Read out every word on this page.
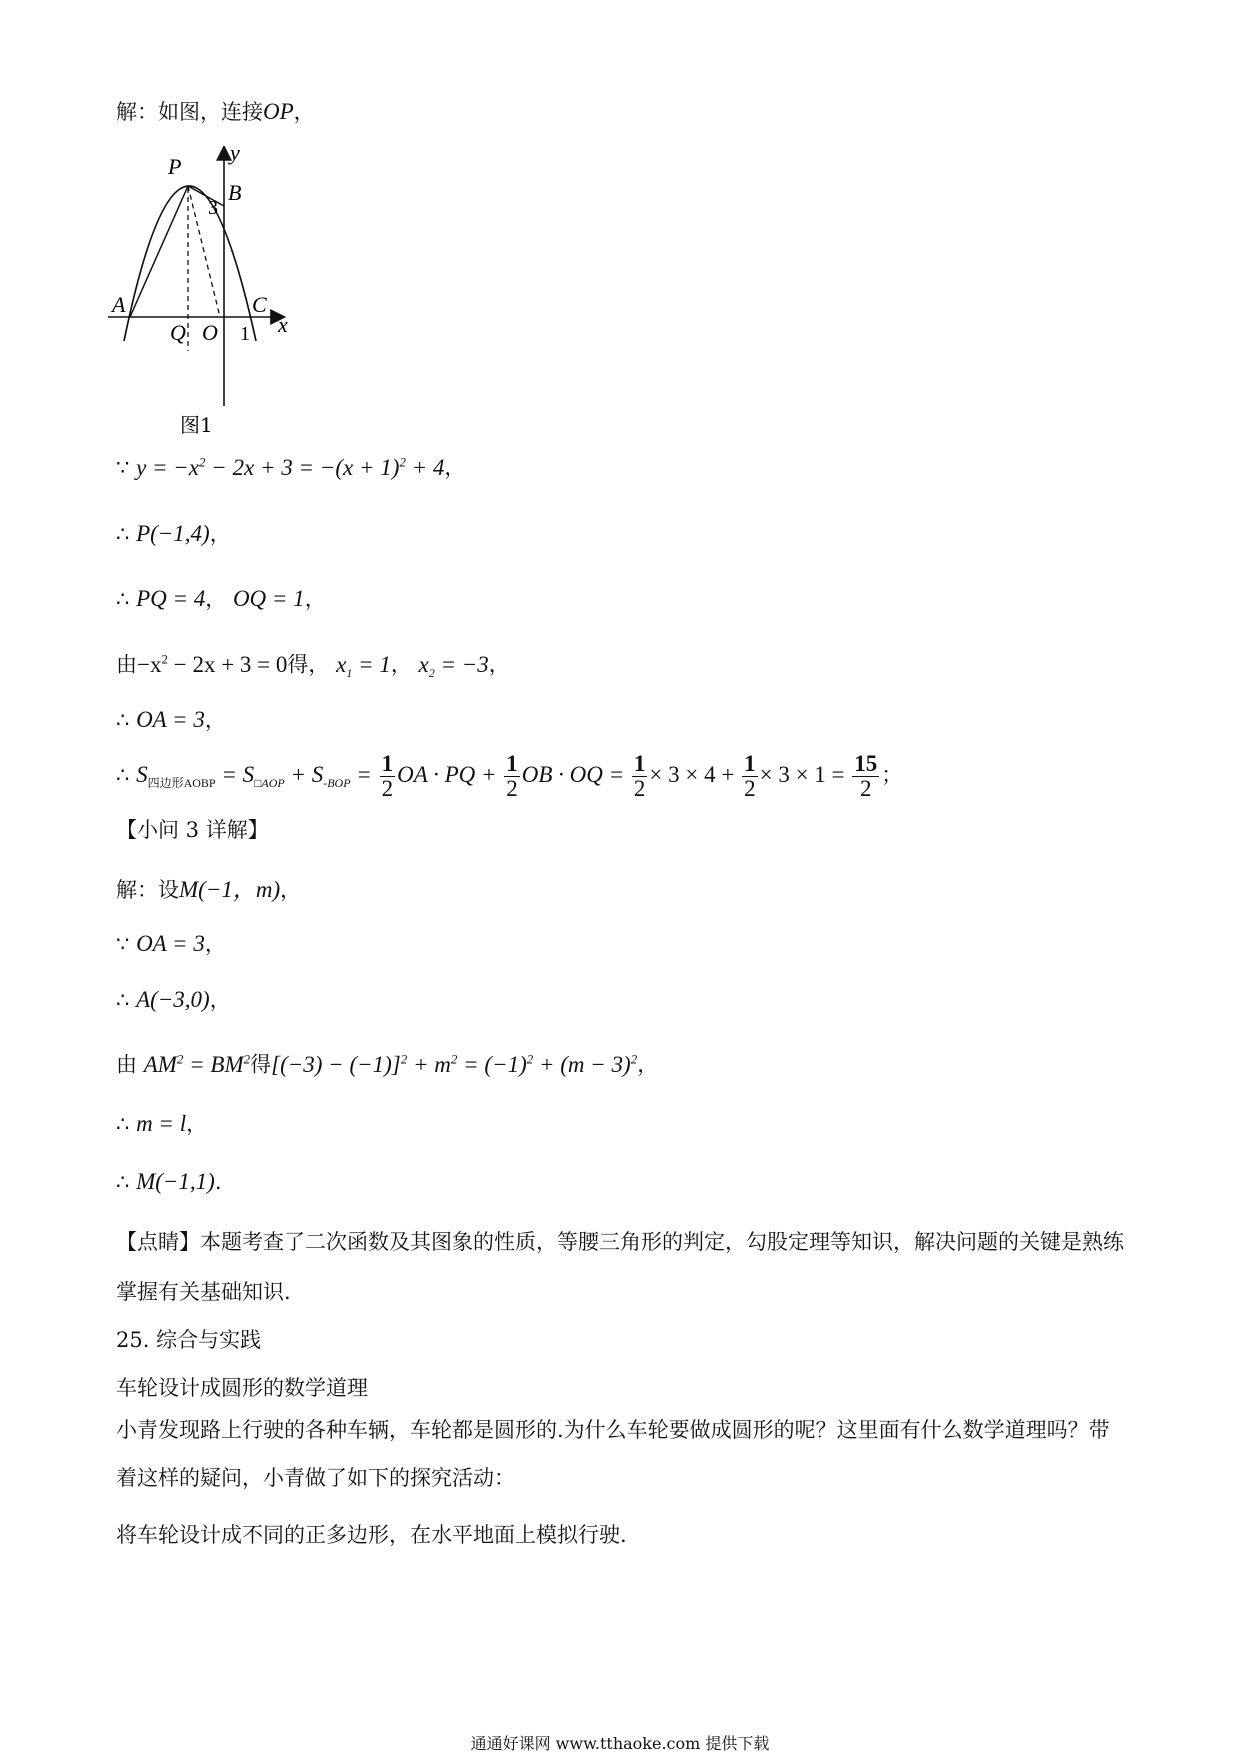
解：如图，连接OP，
y
x
P
B
3
A	C
Q O 1
图1
∵ $y = -x^2 - 2x + 3 = -(x + 1)^2 + 4$，
∴ P(−1,4)，
∴ PQ = 4， OQ = 1，
由$-x^2 - 2x + 3 = 0$得， $x_1 = 1$， $x_2 = -3$，
∴ OA = 3，
∴ $S_{四边形AOBP} = S_{□AOP} + S_{-BOP} = \frac{1}{2}$ OA · PQ + $\frac{1}{2}$ OB · OQ = $\frac{1}{2} \times 3 \times 4 + \frac{1}{2} \times 3 \times 1 = \frac{15}{2}$ ；
【小问 3 详解】
解：设M(−1，m)，
∵ OA = 3，
∴ A(−3,0)，
由 $AM^2 = BM^2$得$[(-3) - (-1)]^2 + m^2 = (-1)^2 + (m - 3)^2$，
∴ m = l，
∴ M(−1,1).
【点睛】本题考查了二次函数及其图象的性质，等腰三角形的判定，勾股定理等知识，解决问题的关键是熟练掌握有关基础知识.
25. 综合与实践
车轮设计成圆形的数学道理
小青发现路上行驶的各种车辆，车轮都是圆形的.为什么车轮要做成圆形的呢？这里面有什么数学道理吗？带着这样的疑问，小青做了如下的探究活动：
将车轮设计成不同的正多边形，在水平地面上模拟行驶.
通通好课网 www.tthaoke.com 提供下载
